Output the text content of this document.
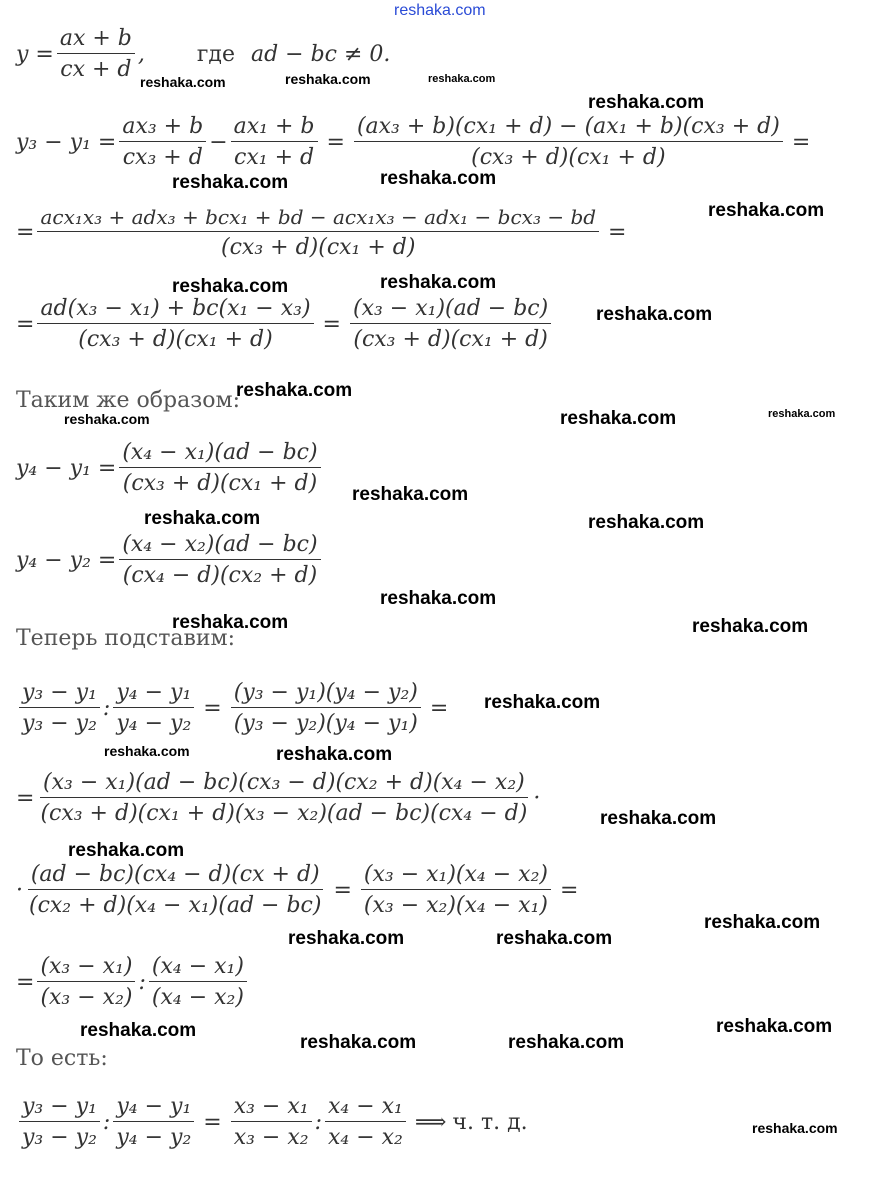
reshaka.com
$y = \frac{ax + b}{cx + d}$ , где ad − bc ≠ 0.
$y_3 - y_1 = \frac{\text{ax₃ + b}}{\text{cx₃ + d}} - \frac{\text{ax₁ + b}}{\text{cx₁ + d}} = \frac{\text{(ax₃ + b)(cx₁ + d) − (ax₁ + b)(cx₃ + d)}}{\text{(cx₃ + d)(cx₁ + d)}}$ =
= $\frac{\text{acx₁x₃ + adx₃ + bcx₁ + bd − acx₁x₃ − adx₁ − bcx₃ − bd}}{\text{(cx₃ + d)(cx₁ + d)}}$ =
= $\frac{\text{ad(x₃ − x₁) + bc(x₁ − x₃)}}{\text{(cx₃ + d)(cx₁ + d)}} = \frac{\text{(x₃ − x₁)(ad − bc)}}{\text{(cx₃ + d)(cx₁ + d)}}$
Таким же образом:
$y_4 - y_1 = \frac{\text{(x₄ − x₁)(ad − bc)}}{\text{(cx₃ + d)(cx₁ + d)}}$
$y_4 - y_2 = \frac{\text{(x₄ − x₂)(ad − bc)}}{\text{(cx₄ − d)(cx₂ + d)}}$
Теперь подставим:
$\frac{\text{y₃ − y₁}}{\text{y₃ − y₂}}$ : $\frac{\text{y₄ − y₁}}{\text{y₄ − y₂}} = \frac{\text{(y₃ − y₁)(y₄ − y₂)}}{\text{(y₃ − y₂)(y₄ − y₁)}}$ =
= $\frac{\text{(x₃ − x₁)(ad − bc)(cx₃ − d)(cx₂ + d)(x₄ − x₂)}}{\text{(cx₃ + d)(cx₁ + d)(x₃ − x₂)(ad − bc)(cx₄ − d)}}$ ·
· $\frac{\text{(ad − bc)(cx₄ − d)(cx + d)}}{\text{(cx₂ + d)(x₄ − x₁)(ad − bc)}} = \frac{\text{(x₃ − x₁)(x₄ − x₂)}}{\text{(x₃ − x₂)(x₄ − x₁)}}$ =
= $\frac{\text{(x₃ − x₁)}}{\text{(x₃ − x₂)}}$ : $\frac{\text{(x₄ − x₁)}}{\text{(x₄ − x₂)}}$
То есть:
$\frac{\text{y₃ − y₁}}{\text{y₃ − y₂}}$ : $\frac{\text{y₄ − y₁}}{\text{y₄ − y₂}} = \frac{\text{x₃ − x₁}}{\text{x₃ − x₂}}$ : $\frac{\text{x₄ − x₁}}{\text{x₄ − x₂}}$ ⟹ ч. т. д.
reshaka.com	reshaka.com	reshaka.com
reshaka.com
reshaka.com	reshaka.com
reshaka.com
reshaka.com	reshaka.com
reshaka.com
reshaka.com
reshaka.com	reshaka.com	reshaka.com
reshaka.com
reshaka.com	reshaka.com
reshaka.com
reshaka.com	reshaka.com
reshaka.com
reshaka.com	reshaka.com
reshaka.com
reshaka.com
reshaka.com
reshaka.com	reshaka.com
reshaka.com	reshaka.com
reshaka.com	reshaka.com
reshaka.com
